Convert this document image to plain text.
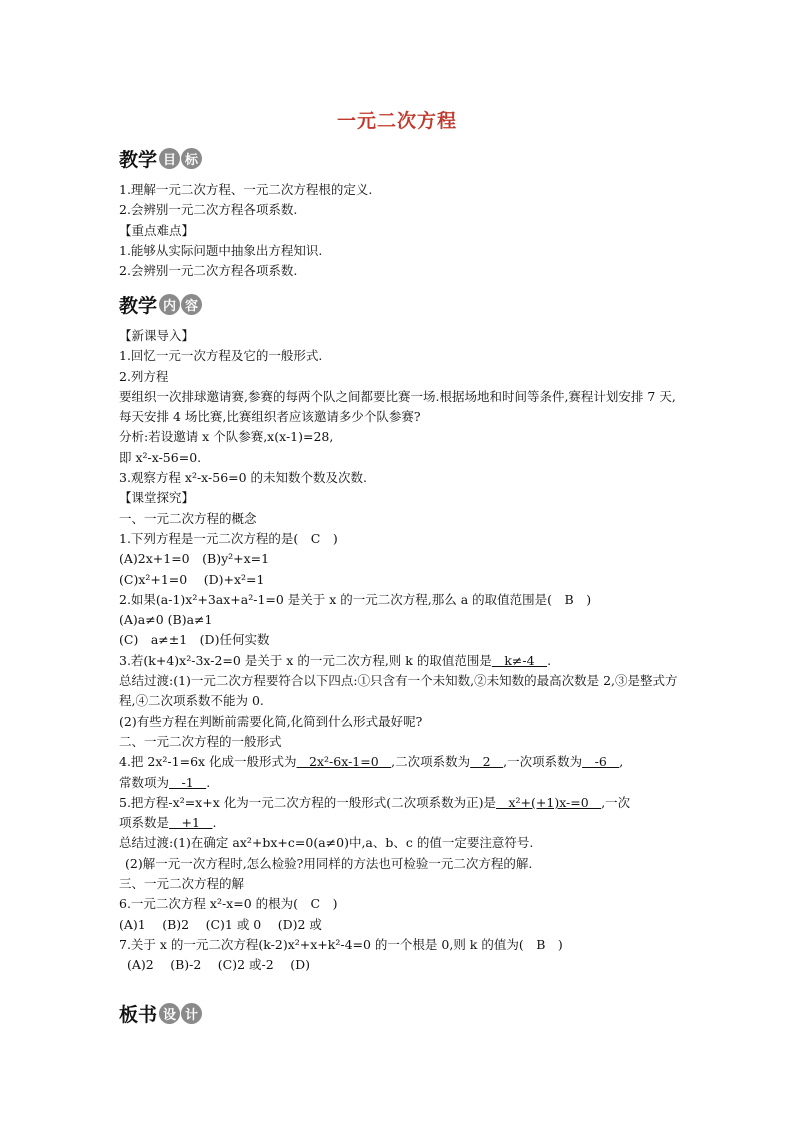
一元二次方程
教学 目 标
1.理解一元二次方程、一元二次方程根的定义.
2.会辨别一元二次方程各项系数.
【重点难点】
1.能够从实际问题中抽象出方程知识.
2.会辨别一元二次方程各项系数.
教学 内 容
【新课导入】
1.回忆一元一次方程及它的一般形式.
2.列方程
要组织一次排球邀请赛,参赛的每两个队之间都要比赛一场.根据场地和时间等条件,赛程计划安排 7 天,每天安排 4 场比赛,比赛组织者应该邀请多少个队参赛?
分析:若设邀请 x 个队参赛,x(x-1)=28,
即 x²-x-56=0.
3.观察方程 x²-x-56=0 的未知数个数及次数.
【课堂探究】
一、一元二次方程的概念
1.下列方程是一元二次方程的是(　C　)
(A)2x+1=0　(B)y²+x=1
(C)x²+1=0　 (D)+x²=1
2.如果(a-1)x²+3ax+a²-1=0 是关于 x 的一元二次方程,那么 a 的取值范围是(　B　)
(A)a≠0 (B)a≠1
(C)　a≠±1　(D)任何实数
3.若(k+4)x²-3x-2=0 是关于 x 的一元二次方程,则 k 的取值范围是　k≠-4　.
总结过渡:(1)一元二次方程要符合以下四点:①只含有一个未知数,②未知数的最高次数是 2,③是整式方程,④二次项系数不能为 0.
(2)有些方程在判断前需要化简,化简到什么形式最好呢?
二、一元二次方程的一般形式
4.把 2x²-1=6x 化成一般形式为　2x²-6x-1=0　,二次项系数为　2　,一次项系数为　-6　,
常数项为　-1　.
5.把方程-x²=x+x 化为一元二次方程的一般形式(二次项系数为正)是　x²+(+1)x-=0　,一次
项系数是　+1　.
总结过渡:(1)在确定 ax²+bx+c=0(a≠0)中,a、b、c 的值一定要注意符号.
(2)解一元一次方程时,怎么检验?用同样的方法也可检验一元二次方程的解.
三、一元二次方程的解
6.一元二次方程 x²-x=0 的根为(　C　)
(A)1　 (B)2　 (C)1 或 0　 (D)2 或
7.关于 x 的一元二次方程(k-2)x²+x+k²-4=0 的一个根是 0,则 k 的值为(　B　)
(A)2　 (B)-2　 (C)2 或-2　 (D)
板书 设 计
